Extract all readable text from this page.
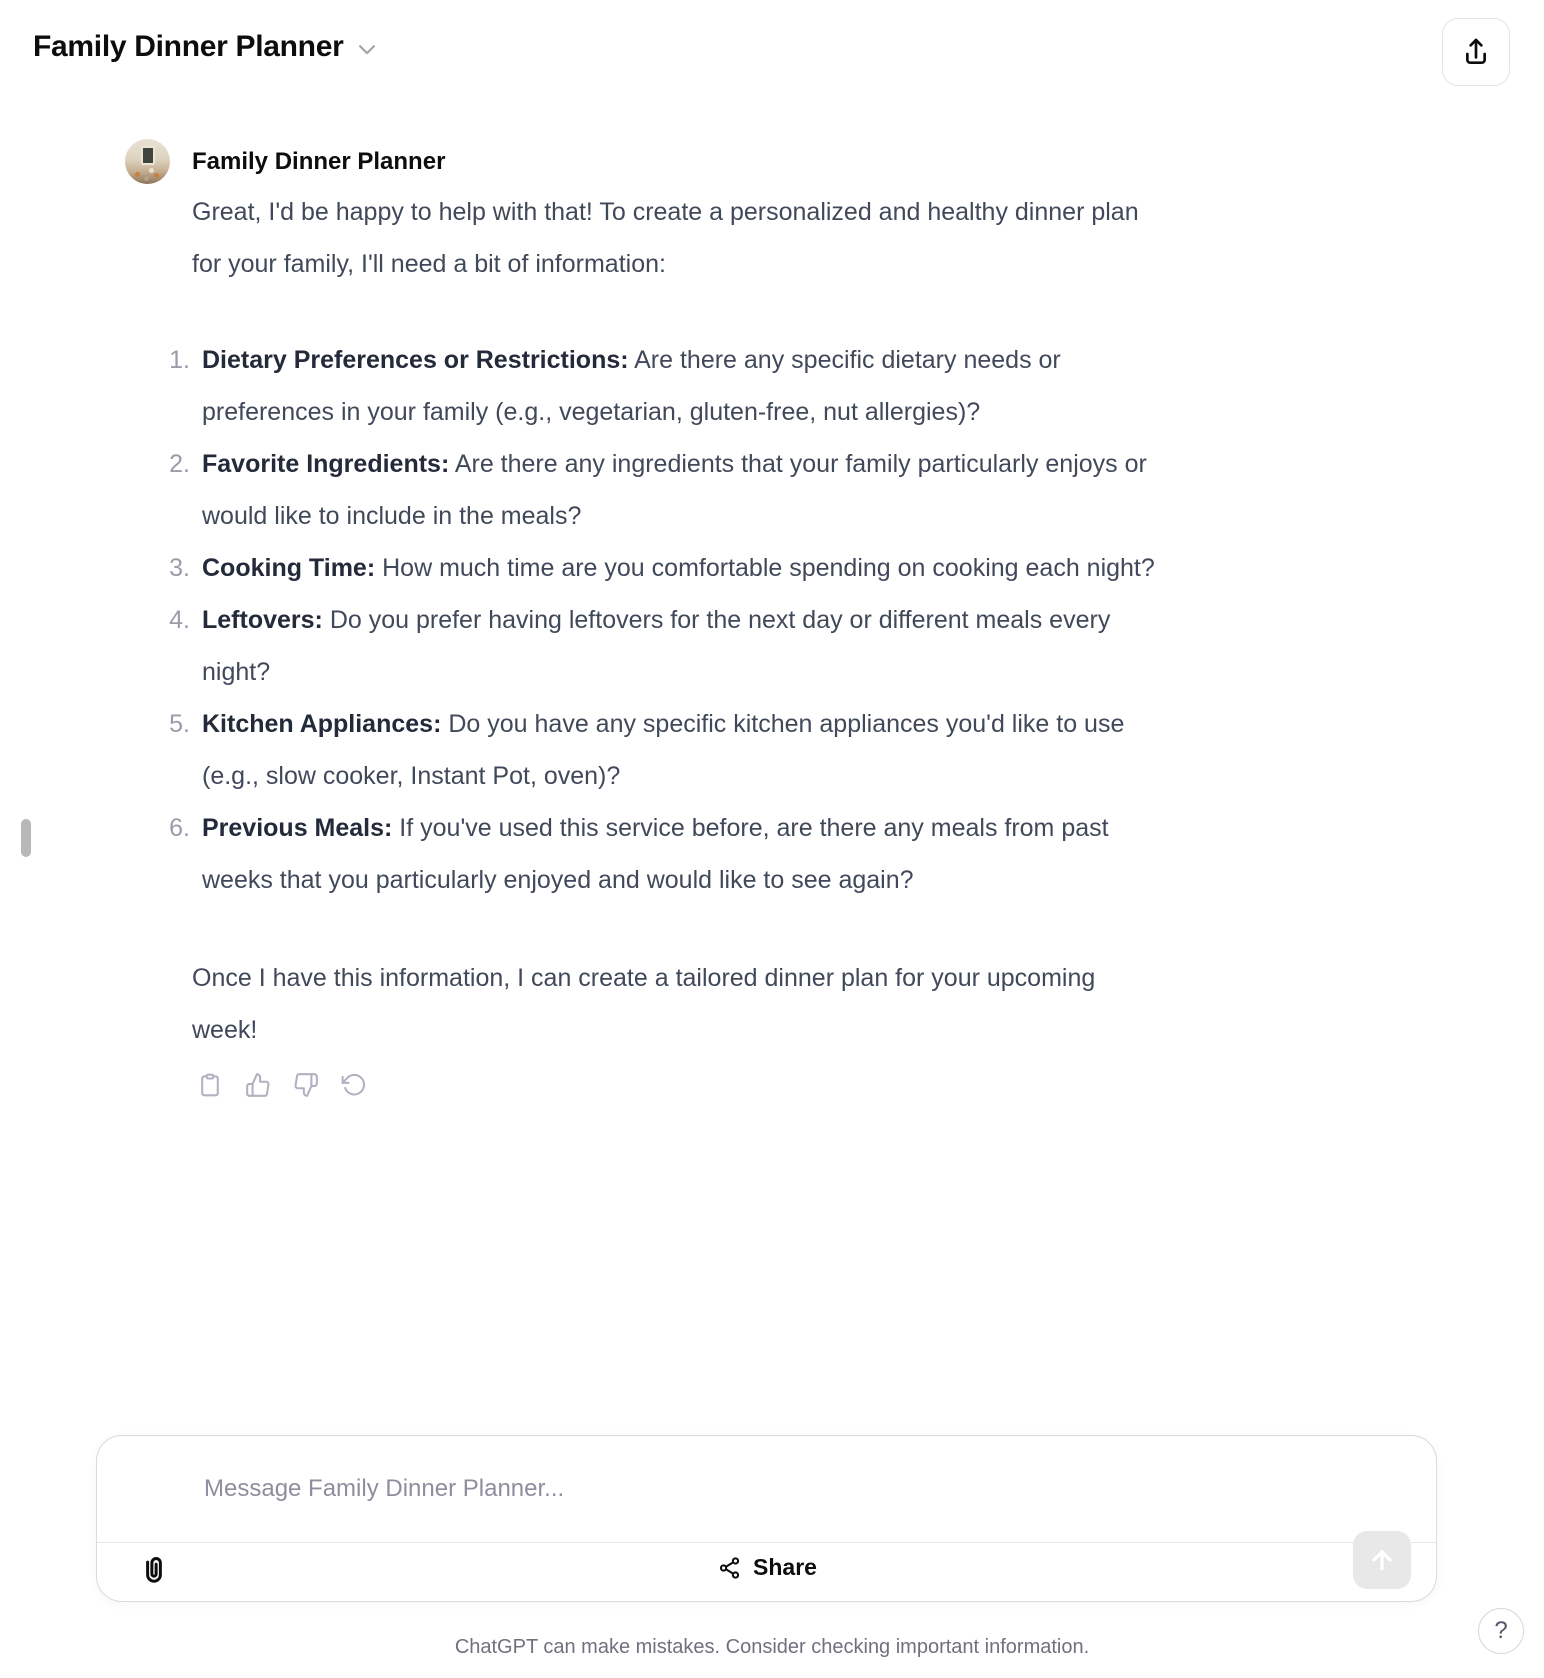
Family Dinner Planner
Family Dinner Planner

Great, I'd be happy to help with that! To create a personalized and healthy dinner plan for your family, I'll need a bit of information:

1. Dietary Preferences or Restrictions: Are there any specific dietary needs or preferences in your family (e.g., vegetarian, gluten-free, nut allergies)?
2. Favorite Ingredients: Are there any ingredients that your family particularly enjoys or would like to include in the meals?
3. Cooking Time: How much time are you comfortable spending on cooking each night?
4. Leftovers: Do you prefer having leftovers for the next day or different meals every night?
5. Kitchen Appliances: Do you have any specific kitchen appliances you'd like to use (e.g., slow cooker, Instant Pot, oven)?
6. Previous Meals: If you've used this service before, are there any meals from past weeks that you particularly enjoyed and would like to see again?

Once I have this information, I can create a tailored dinner plan for your upcoming week!

Message Family Dinner Planner...
Share
ChatGPT can make mistakes. Consider checking important information.
?
